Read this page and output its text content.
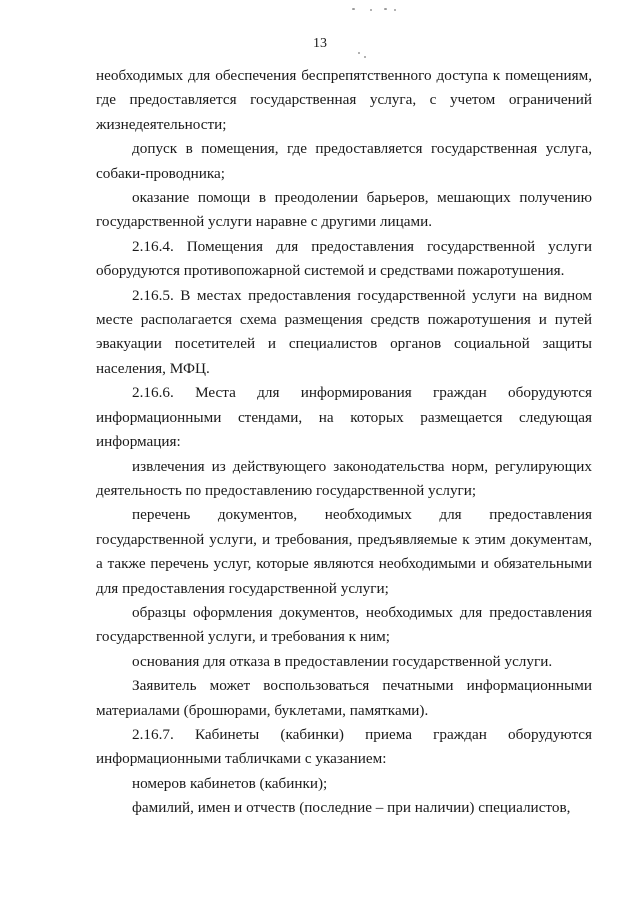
13

необходимых для обеспечения беспрепятственного доступа к помещениям, где предоставляется государственная услуга, с учетом ограничений жизнедеятельности;

допуск в помещения, где предоставляется государственная услуга, собаки-проводника;

оказание помощи в преодолении барьеров, мешающих получению государственной услуги наравне с другими лицами.

2.16.4. Помещения для предоставления государственной услуги оборудуются противопожарной системой и средствами пожаротушения.

2.16.5. В местах предоставления государственной услуги на видном месте располагается схема размещения средств пожаротушения и путей эвакуации посетителей и специалистов органов социальной защиты населения, МФЦ.

2.16.6. Места для информирования граждан оборудуются информационными стендами, на которых размещается следующая информация:

извлечения из действующего законодательства норм, регулирующих деятельность по предоставлению государственной услуги;

перечень документов, необходимых для предоставления государственной услуги, и требования, предъявляемые к этим документам, а также перечень услуг, которые являются необходимыми и обязательными для предоставления государственной услуги;

образцы оформления документов, необходимых для предоставления государственной услуги, и требования к ним;

основания для отказа в предоставлении государственной услуги.

Заявитель может воспользоваться печатными информационными материалами (брошюрами, буклетами, памятками).

2.16.7. Кабинеты (кабинки) приема граждан оборудуются информационными табличками с указанием:

номеров кабинетов (кабинки);

фамилий, имен и отчеств (последние – при наличии) специалистов,
